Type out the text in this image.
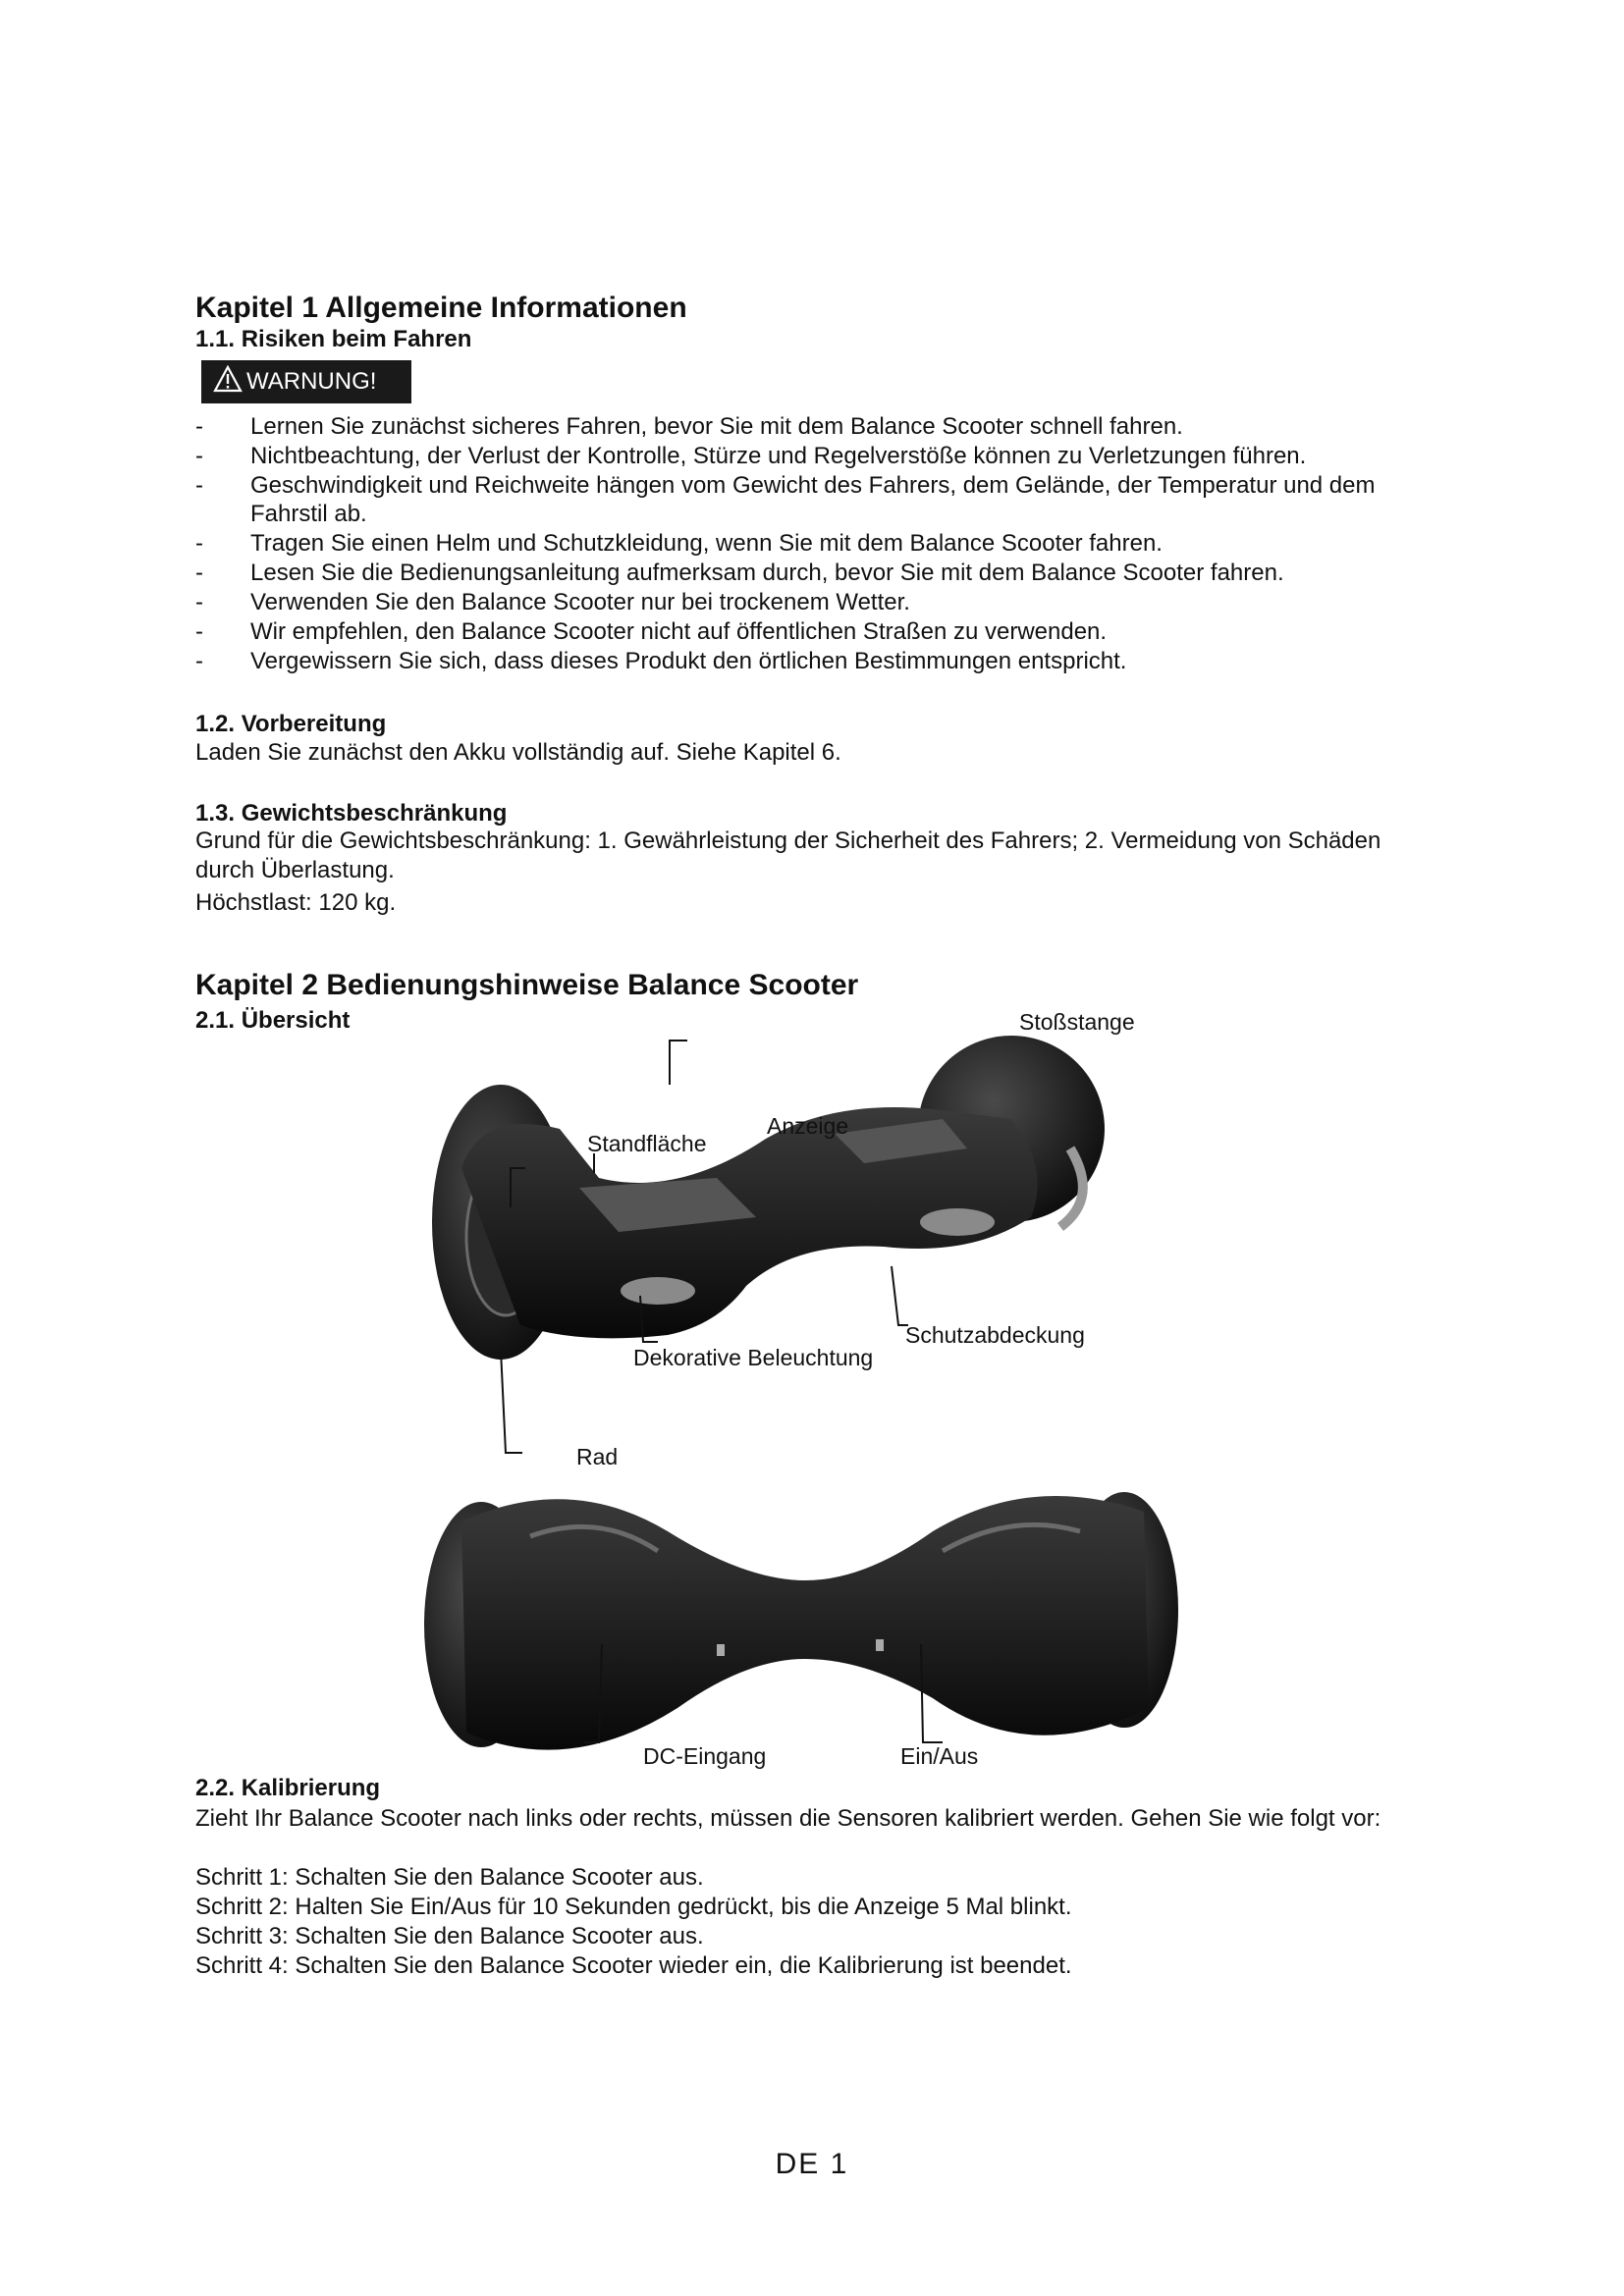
Kapitel 1 Allgemeine Informationen
1.1. Risiken beim Fahren
WARNUNG!
- Lernen Sie zunächst sicheres Fahren, bevor Sie mit dem Balance Scooter schnell fahren.
- Nichtbeachtung, der Verlust der Kontrolle, Stürze und Regelverstöße können zu Verletzungen führen.
- Geschwindigkeit und Reichweite hängen vom Gewicht des Fahrers, dem Gelände, der Temperatur und dem Fahrstil ab.
- Tragen Sie einen Helm und Schutzkleidung, wenn Sie mit dem Balance Scooter fahren.
- Lesen Sie die Bedienungsanleitung aufmerksam durch, bevor Sie mit dem Balance Scooter fahren.
- Verwenden Sie den Balance Scooter nur bei trockenem Wetter.
- Wir empfehlen, den Balance Scooter nicht auf öffentlichen Straßen zu verwenden.
- Vergewissern Sie sich, dass dieses Produkt den örtlichen Bestimmungen entspricht.
1.2. Vorbereitung

Laden Sie zunächst den Akku vollständig auf. Siehe Kapitel 6.

1.3. Gewichtsbeschränkung

Grund für die Gewichtsbeschränkung: 1. Gewährleistung der Sicherheit des Fahrers; 2. Vermeidung von Schäden durch Überlastung.

Höchstlast: 120 kg.

Kapitel 2 Bedienungshinweise Balance Scooter
2.1. Übersicht	Stoßstange
Standfläche
Anzeige
Schutzabdeckung
Dekorative Beleuchtung
Rad
DC-Eingang	Ein/Aus
2.2. Kalibrierung

Zieht Ihr Balance Scooter nach links oder rechts, müssen die Sensoren kalibriert werden. Gehen Sie wie folgt vor:

Schritt 1: Schalten Sie den Balance Scooter aus.

Schritt 2: Halten Sie Ein/Aus für 10 Sekunden gedrückt, bis die Anzeige 5 Mal blinkt.

Schritt 3: Schalten Sie den Balance Scooter aus.

Schritt 4: Schalten Sie den Balance Scooter wieder ein, die Kalibrierung ist beendet.

DE 1
